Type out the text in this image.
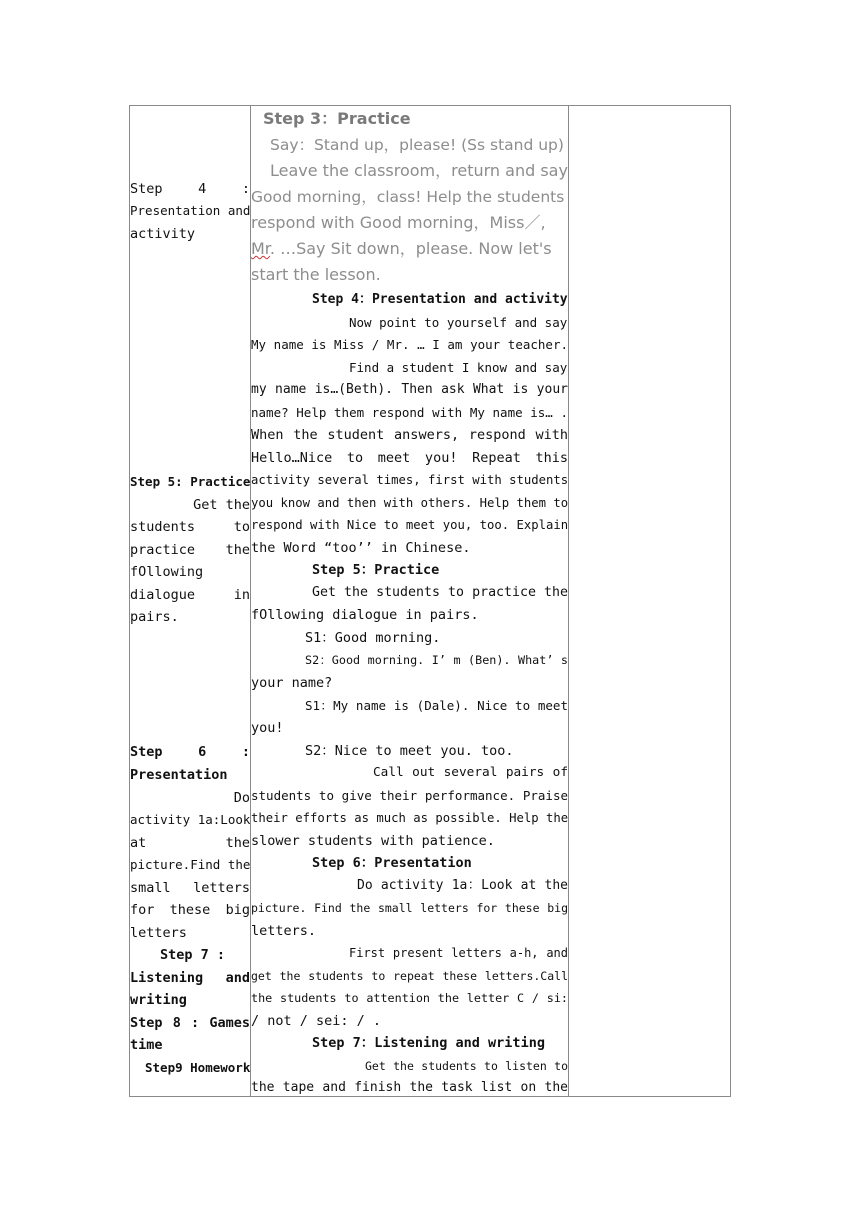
Step 4 :
Presentation and
activity
Step 5: Practice
Get the
students to
practice the
fOllowing
dialogue in
pairs.
Step 6 :
Presentation
Do
activity 1a:Look
at the
picture.Find the
small letters
for these big
letters
Step 7 :
Listening and
writing
Step 8 : Games
time
Step9 Homework
Step 3：Practice
Say：Stand up，please! (Ss stand up)
Leave the classroom，return and say
Good morning，class! Help the students
respond with Good morning，Miss／,
Mr. …Say Sit down，please. Now let's
start the lesson.
Step 4：Presentation and activity
Now point to yourself and say
My name is Miss / Mr. … I am your teacher.
Find a student I know and say
my name is…(Beth). Then ask What is your
name? Help them respond with My name is… .
When the student answers, respond with
Hello…Nice to meet you! Repeat this
activity several times, first with students
you know and then with others. Help them to
respond with Nice to meet you, too. Explain
the Word “too’’ in Chinese.
Step 5：Practice
Get the students to practice the
fOllowing dialogue in pairs.
S1：Good morning.
S2：Good morning. I’ m (Ben). What’ s
your name?
S1：My name is (Dale). Nice to meet
you!
S2：Nice to meet you. too.
Call out several pairs of
students to give their performance. Praise
their efforts as much as possible. Help the
slower students with patience.
Step 6：Presentation
Do activity 1a：Look at the
picture. Find the small letters for these big
letters.
First present letters a-h, and
get the students to repeat these letters.Call
the students to attention the letter C / si:
/ not / sei: / .
Step 7：Listening and writing
Get the students to listen to
the tape and finish the task list on the
